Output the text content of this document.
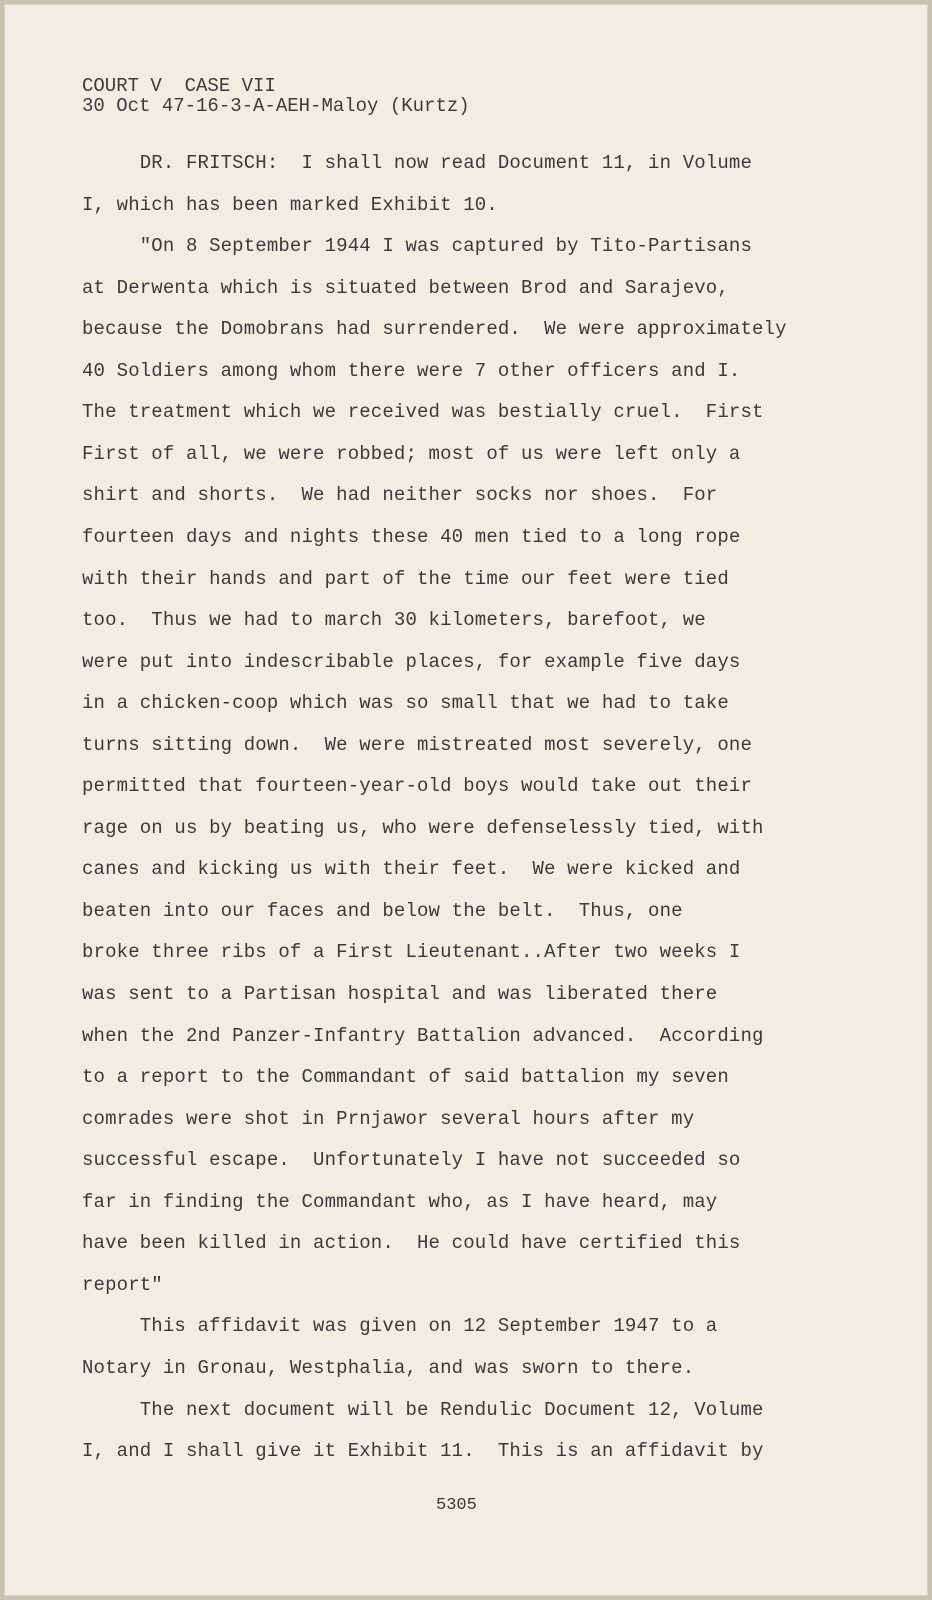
COURT V  CASE VII
30 Oct 47-16-3-A-AEH-Maloy (Kurtz)
DR. FRITSCH:  I shall now read Document 11, in Volume
I, which has been marked Exhibit 10.
"On 8 September 1944 I was captured by Tito-Partisans
at Derwenta which is situated between Brod and Sarajevo,
because the Domobrans had surrendered.  We were approximately
40 Soldiers among whom there were 7 other officers and I.
The treatment which we received was bestially cruel.  First
First of all, we were robbed; most of us were left only a
shirt and shorts.  We had neither socks nor shoes.  For
fourteen days and nights these 40 men tied to a long rope
with their hands and part of the time our feet were tied
too.  Thus we had to march 30 kilometers, barefoot, we
were put into indescribable places, for example five days
in a chicken-coop which was so small that we had to take
turns sitting down.  We were mistreated most severely, one
permitted that fourteen-year-old boys would take out their
rage on us by beating us, who were defenselessly tied, with
canes and kicking us with their feet.  We were kicked and
beaten into our faces and below the belt.  Thus, one
broke three ribs of a First Lieutenant..After two weeks I
was sent to a Partisan hospital and was liberated there
when the 2nd Panzer-Infantry Battalion advanced.  According
to a report to the Commandant of said battalion my seven
comrades were shot in Prnjawor several hours after my
successful escape.  Unfortunately I have not succeeded so
far in finding the Commandant who, as I have heard, may
have been killed in action.  He could have certified this
report"
This affidavit was given on 12 September 1947 to a
Notary in Gronau, Westphalia, and was sworn to there.
The next document will be Rendulic Document 12, Volume
I, and I shall give it Exhibit 11.  This is an affidavit by
5305
